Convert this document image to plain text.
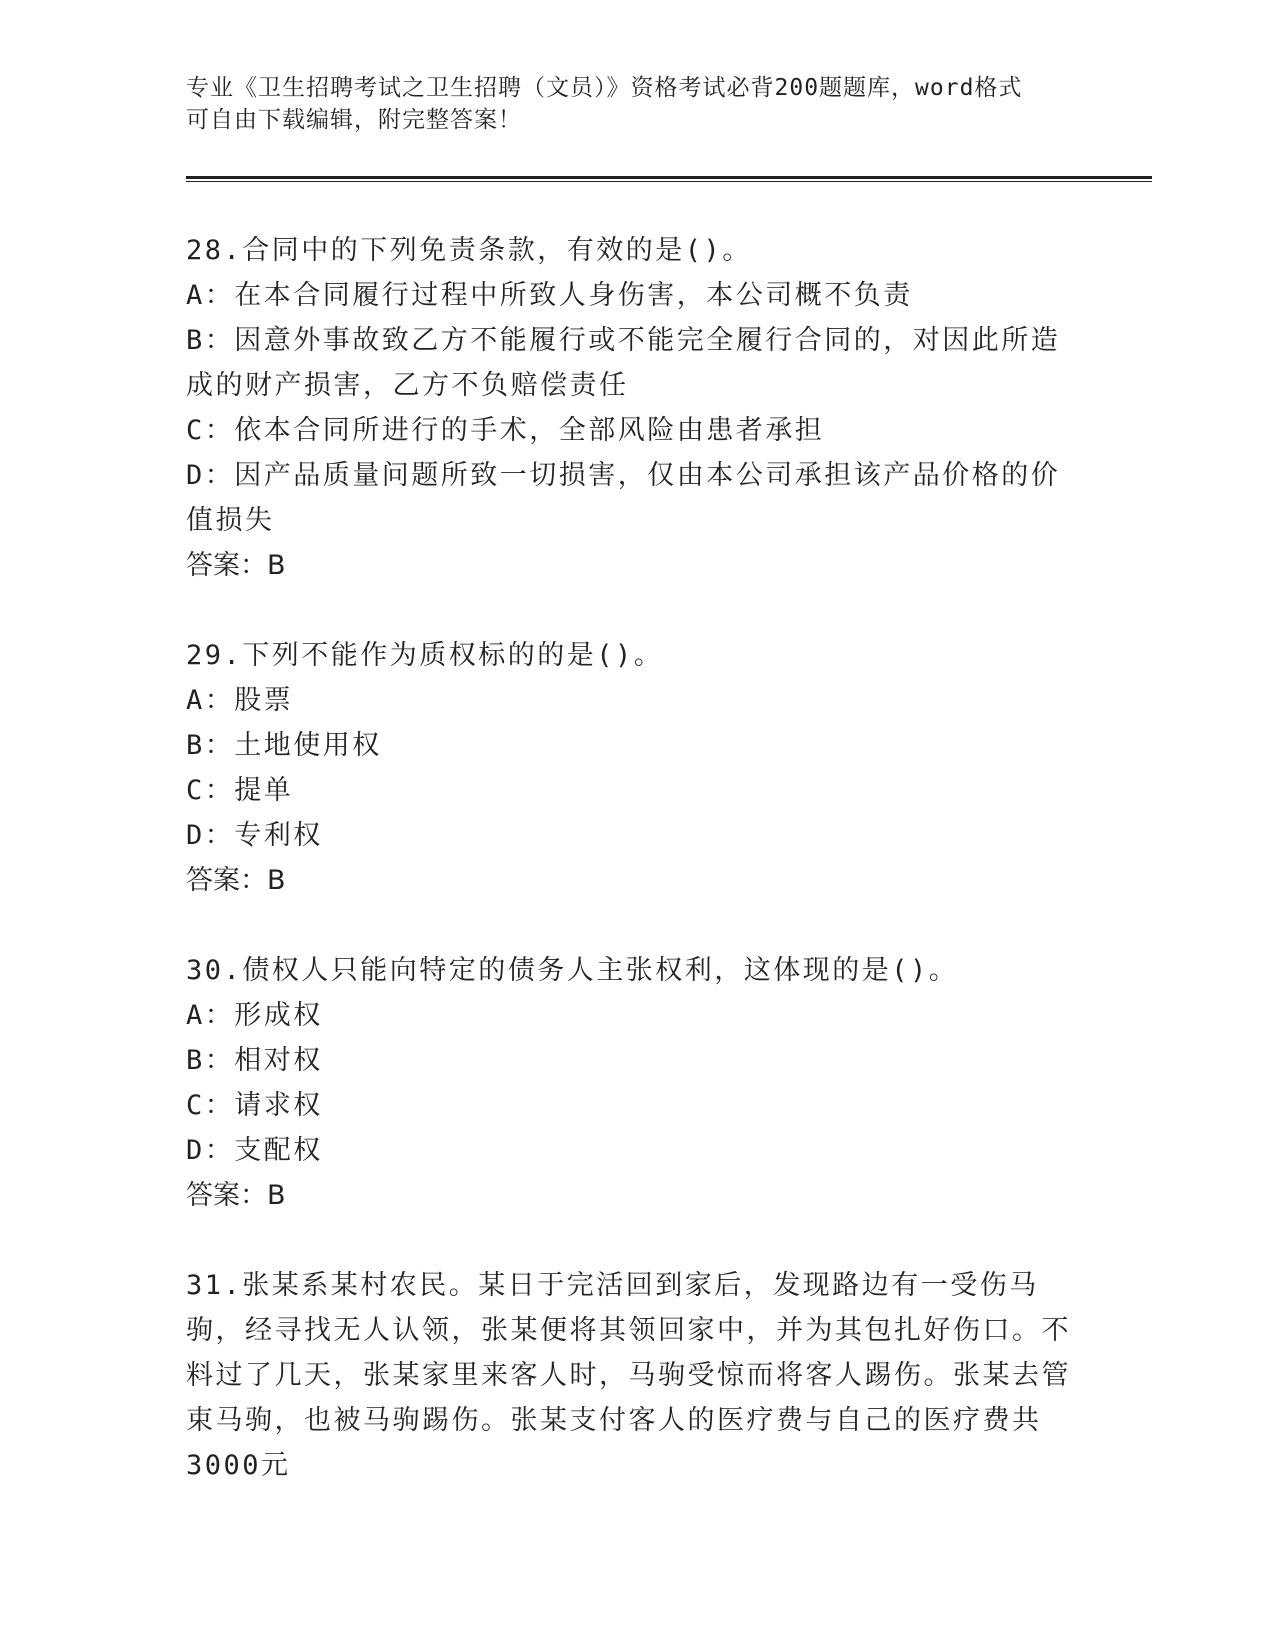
专业《卫生招聘考试之卫生招聘（文员）》资格考试必背200题题库，word格式
可自由下载编辑，附完整答案！

28.合同中的下列免责条款，有效的是()。

A：在本合同履行过程中所致人身伤害，本公司概不负责

B：因意外事故致乙方不能履行或不能完全履行合同的，对因此所造成的财产损害，乙方不负赔偿责任

C：依本合同所进行的手术，全部风险由患者承担

D：因产品质量问题所致一切损害，仅由本公司承担该产品价格的价值损失

答案：B

29.下列不能作为质权标的的是()。

A：股票

B：土地使用权

C：提单

D：专利权

答案：B

30.债权人只能向特定的债务人主张权利，这体现的是()。

A：形成权

B：相对权

C：请求权

D：支配权

答案：B

31.张某系某村农民。某日于完活回到家后，发现路边有一受伤马驹，经寻找无人认领，张某便将其领回家中，并为其包扎好伤口。不料过了几天，张某家里来客人时，马驹受惊而将客人踢伤。张某去管束马驹，也被马驹踢伤。张某支付客人的医疗费与自己的医疗费共3000元
